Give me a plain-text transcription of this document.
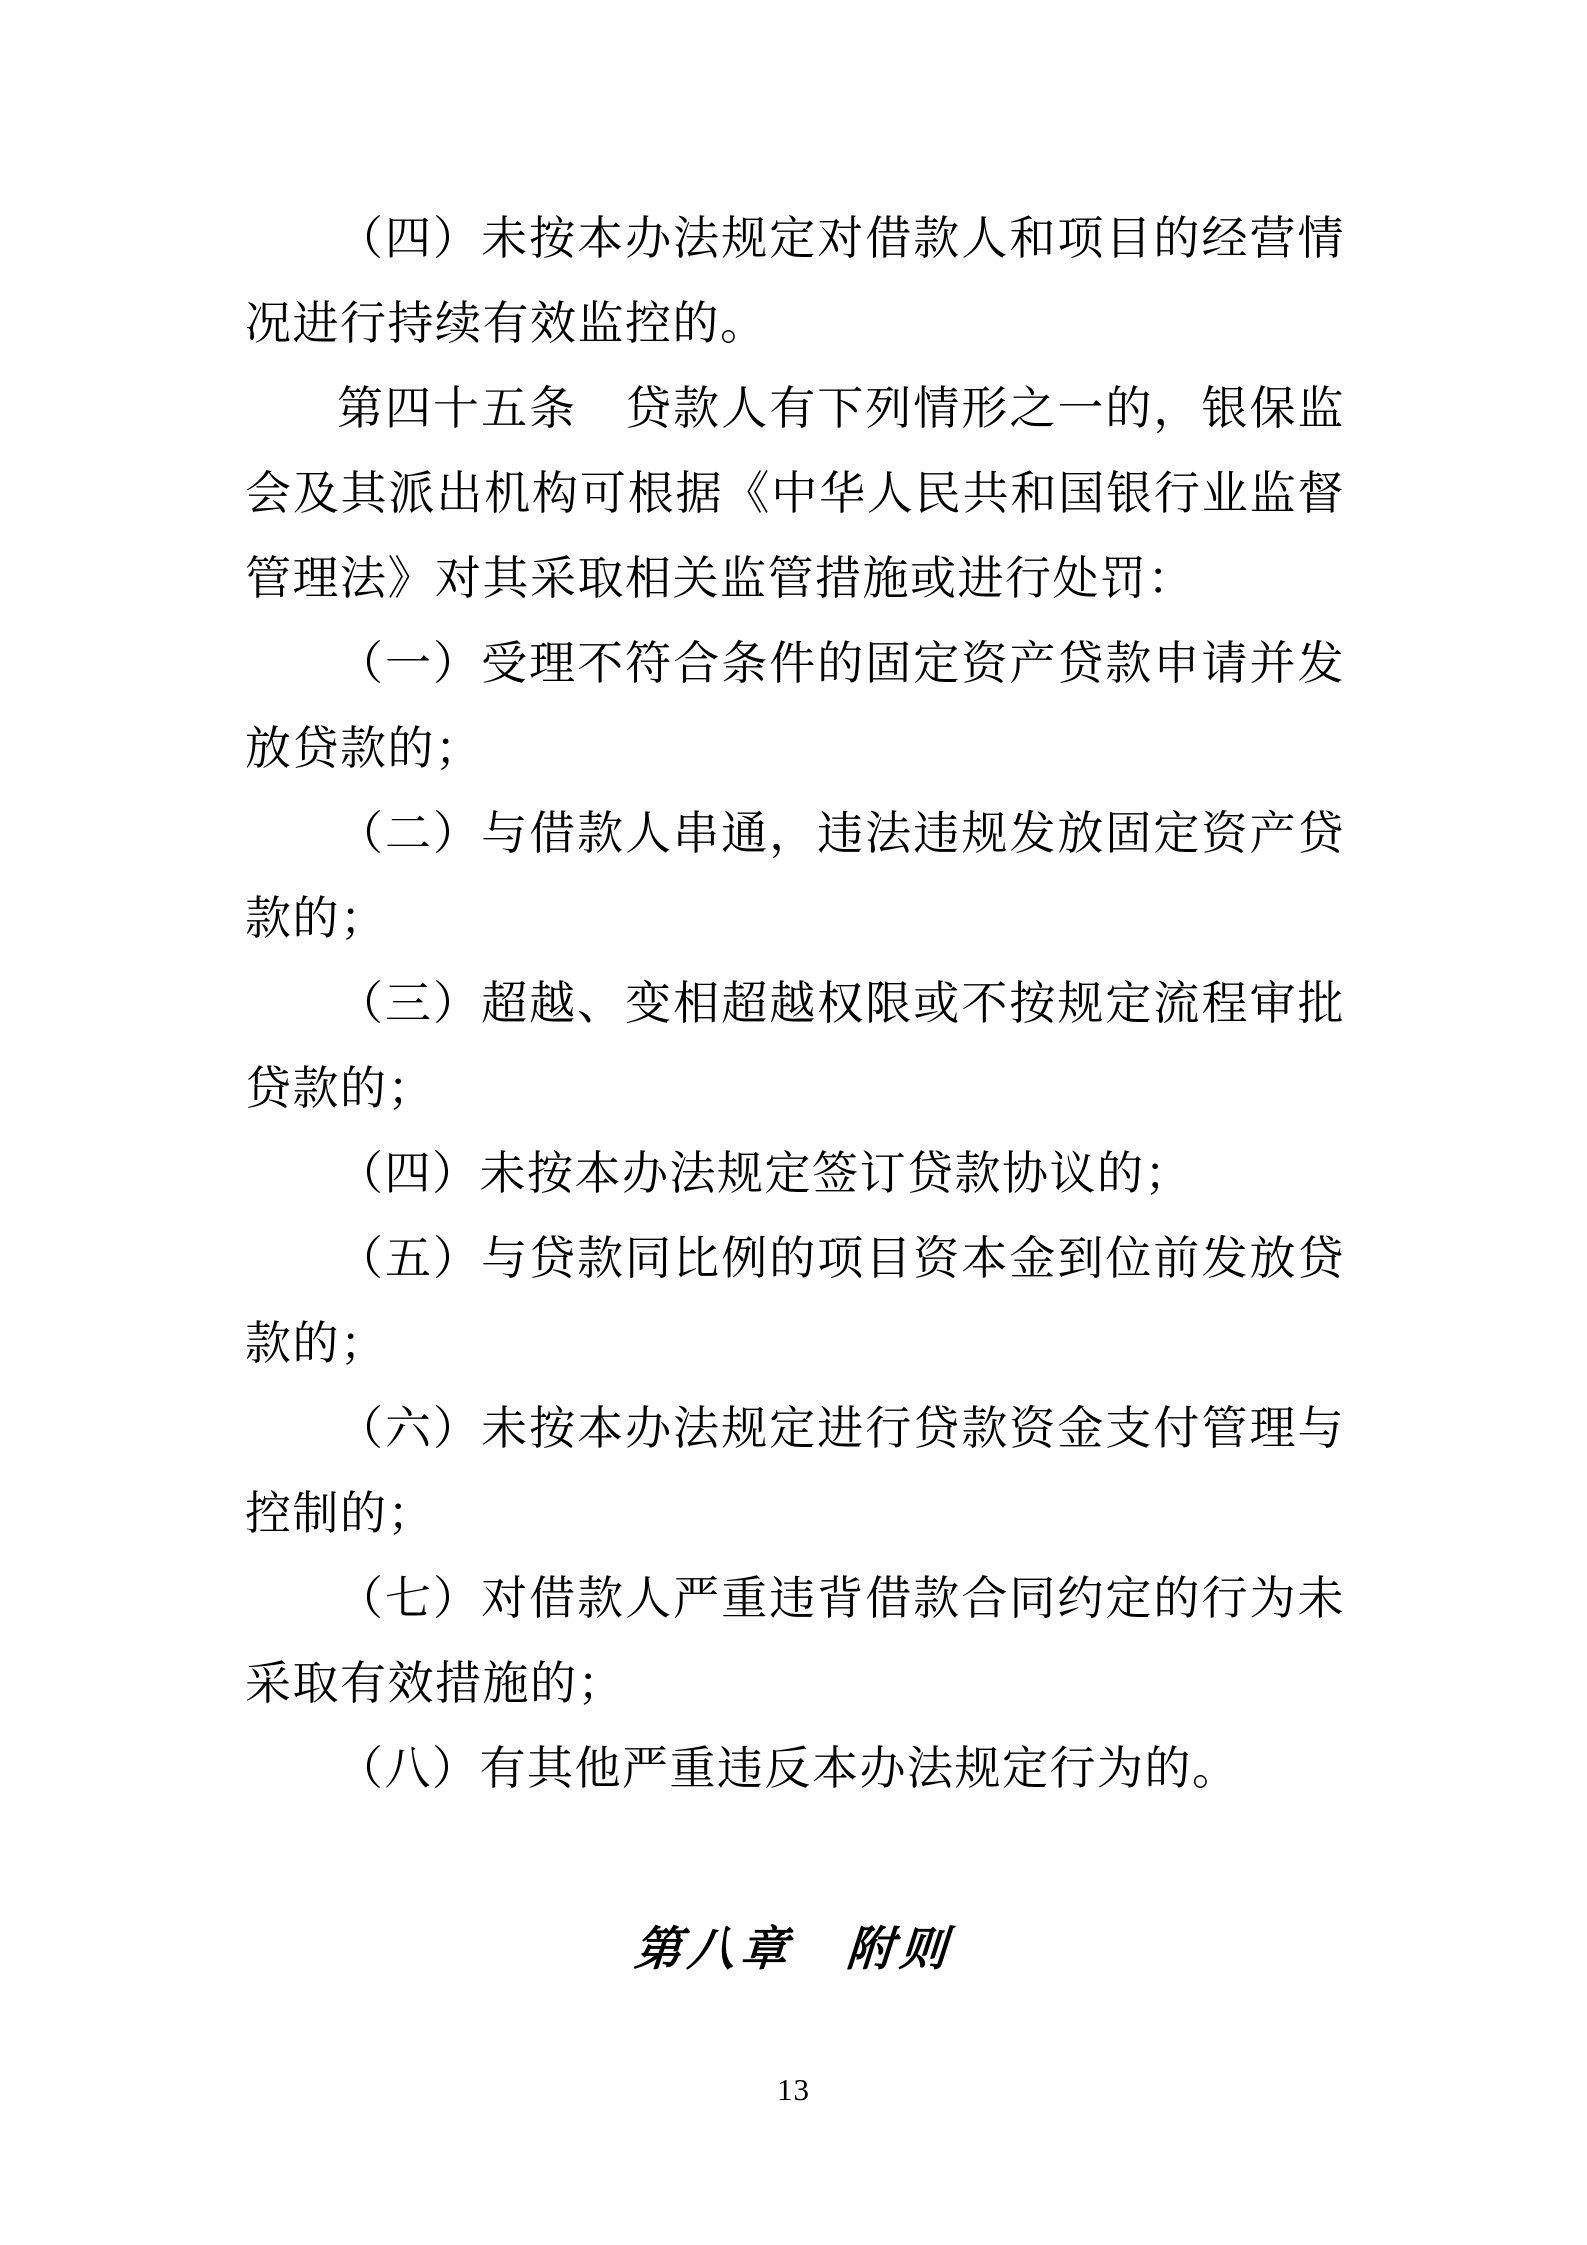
（四）未按本办法规定对借款人和项目的经营情况进行持续有效监控的。

第四十五条　贷款人有下列情形之一的，银保监会及其派出机构可根据《中华人民共和国银行业监督管理法》对其采取相关监管措施或进行处罚：

（一）受理不符合条件的固定资产贷款申请并发放贷款的；

（二）与借款人串通，违法违规发放固定资产贷款的；

（三）超越、变相超越权限或不按规定流程审批贷款的；

（四）未按本办法规定签订贷款协议的；

（五）与贷款同比例的项目资本金到位前发放贷款的；

（六）未按本办法规定进行贷款资金支付管理与控制的；

（七）对借款人严重违背借款合同约定的行为未采取有效措施的；

（八）有其他严重违反本办法规定行为的。

第八章　附则
13
